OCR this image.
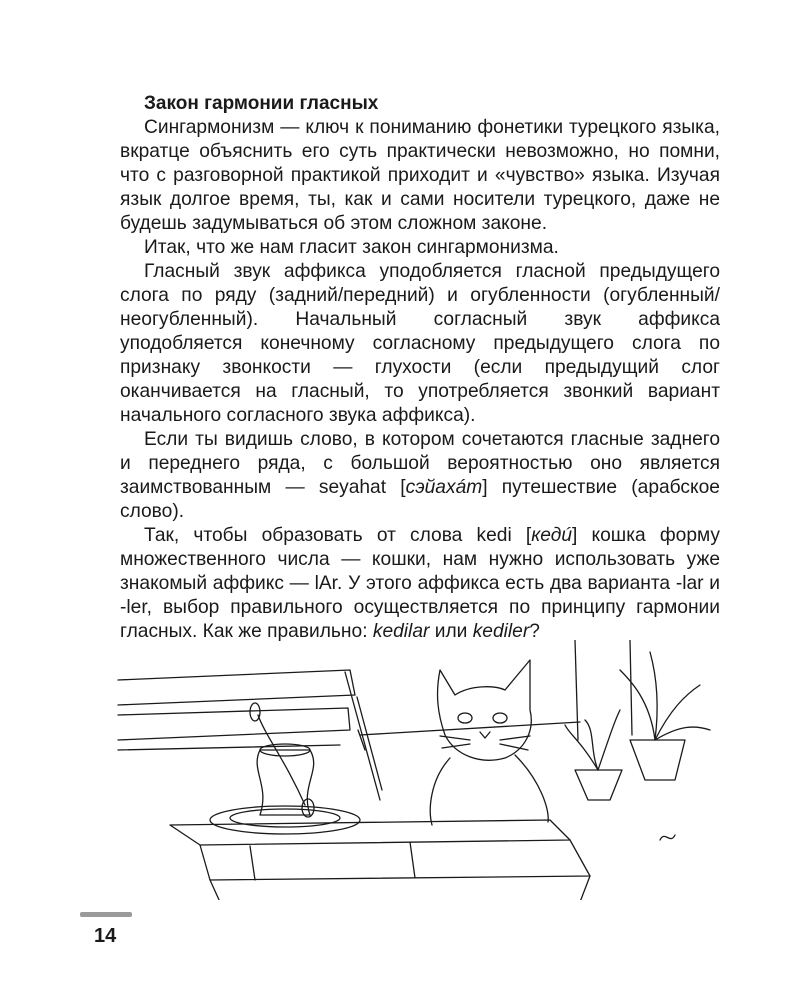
Закон гармонии гласных

Сингармонизм — ключ к пониманию фонетики турецкого языка, вкратце объяснить его суть практически невозможно, но помни, что с разговорной практикой приходит и «чувство» языка. Изучая язык долгое время, ты, как и сами носители турецкого, даже не будешь задумываться об этом сложном законе.

Итак, что же нам гласит закон сингармонизма.

Гласный звук аффикса уподобляется гласной предыдущего слога по ряду (задний/передний) и огубленности (огубленный/неогубленный). Начальный согласный звук аффикса уподобляется конечному согласному предыдущего слога по признаку звонкости — глухости (если предыдущий слог оканчивается на гласный, то употребляется звонкий вариант начального согласного звука аффикса).

Если ты видишь слово, в котором сочетаются гласные заднего и переднего ряда, с большой вероятностью оно является заимствованным — seyahat [сэйахáт] путешествие (арабское слово).

Так, чтобы образовать от слова kedi [кедú] кошка форму множественного числа — кошки, нам нужно использовать уже знакомый аффикс — lAr. У этого аффикса есть два варианта -lar и -ler, выбор правильного осуществляется по принципу гармонии гласных. Как же правильно: kedilar или kediler?

14
